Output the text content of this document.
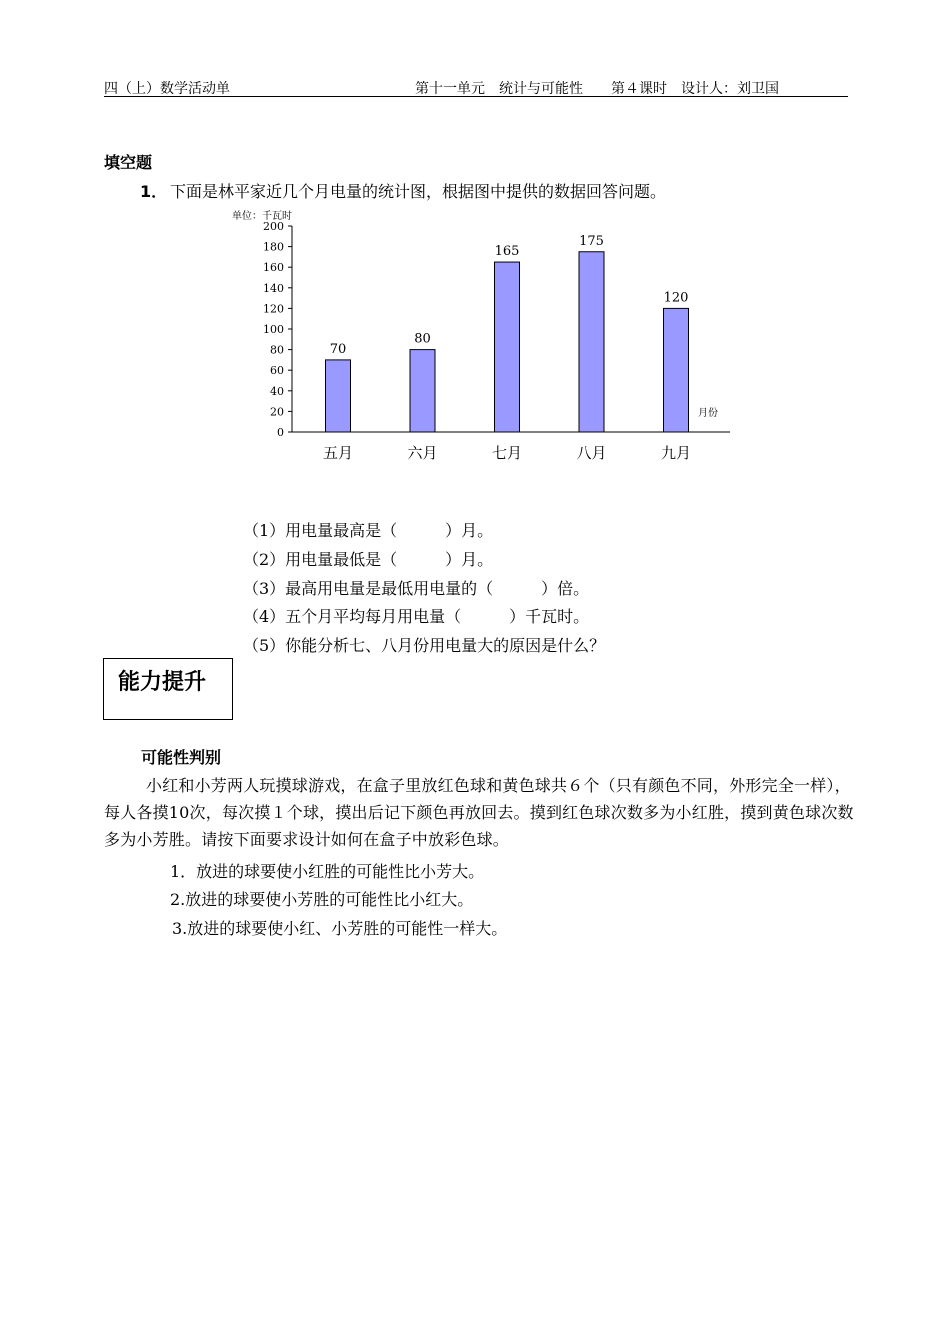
四（上）数学活动单	第十一单元　统计与可能性　　第４课时　设计人：刘卫国
填空题
1． 下面是林平家近几个月电量的统计图，根据图中提供的数据回答问题。
单位：千瓦时
0
20
40
60
80
100
120
140
160
180
200
70
80
165
175
120
五月	六月	七月	八月	九月
月份
（1）用电量最高是（　　　）月。
（2）用电量最低是（　　　）月。
（3）最高用电量是最低用电量的（　　　）倍。
（4）五个月平均每月用电量（　　　）千瓦时。
（5）你能分析七、八月份用电量大的原因是什么？
能力提升
可能性判别
小红和小芳两人玩摸球游戏，在盒子里放红色球和黄色球共６个（只有颜色不同，外形完全一样），每人各摸10次，每次摸１个球，摸出后记下颜色再放回去。摸到红色球次数多为小红胜，摸到黄色球次数多为小芳胜。请按下面要求设计如何在盒子中放彩色球。
1．放进的球要使小红胜的可能性比小芳大。
2.放进的球要使小芳胜的可能性比小红大。
3.放进的球要使小红、小芳胜的可能性一样大。
